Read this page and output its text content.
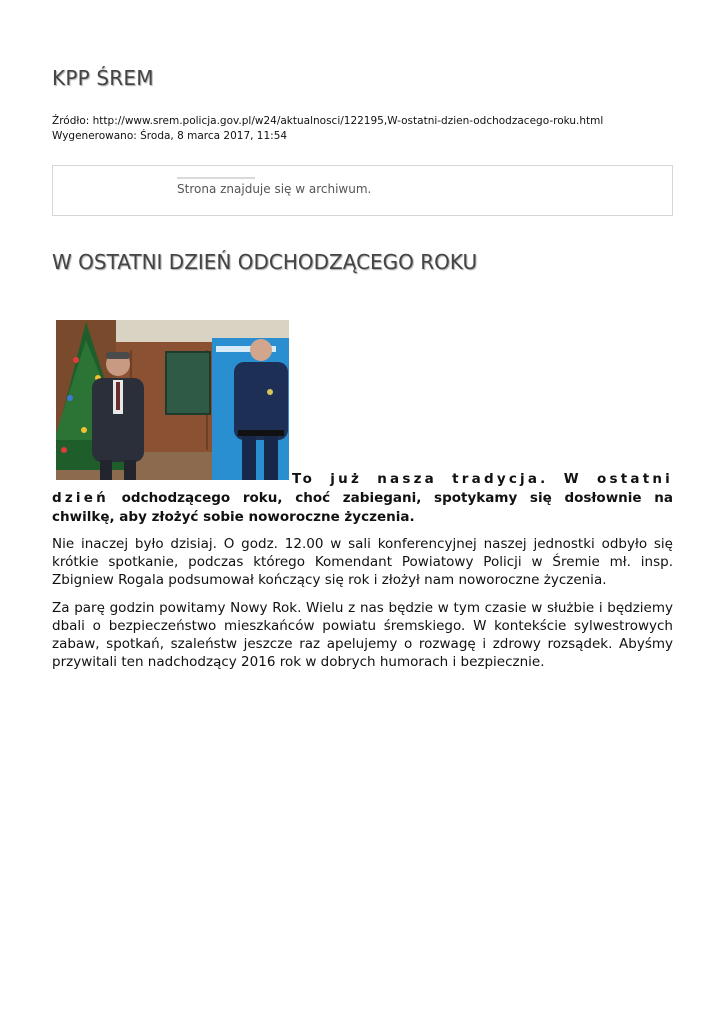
KPP ŚREM
Źródło: http://www.srem.policja.gov.pl/w24/aktualnosci/122195,W-ostatni-dzien-odchodzacego-roku.html
Wygenerowano: Środa, 8 marca 2017, 11:54
Strona znajduje się w archiwum.
W OSTATNI DZIEŃ ODCHODZĄCEGO ROKU
To już nasza tradycja. W ostatni dzień odchodzącego roku, choć zabiegani, spotykamy się dosłownie na chwilkę, aby złożyć sobie noworoczne życzenia.

Nie inaczej było dzisiaj. O godz. 12.00 w sali konferencyjnej naszej jednostki odbyło się krótkie spotkanie, podczas którego Komendant Powiatowy Policji w Śremie mł. insp. Zbigniew Rogala podsumował kończący się rok i złożył nam noworoczne życzenia.

Za parę godzin powitamy Nowy Rok. Wielu z nas będzie w tym czasie w służbie i będziemy dbali o bezpieczeństwo mieszkańców powiatu śremskiego. W kontekście sylwestrowych zabaw, spotkań, szaleństw jeszcze raz apelujemy o rozwagę i zdrowy rozsądek. Abyśmy przywitali ten nadchodzący 2016 rok w dobrych humorach i bezpiecznie.
